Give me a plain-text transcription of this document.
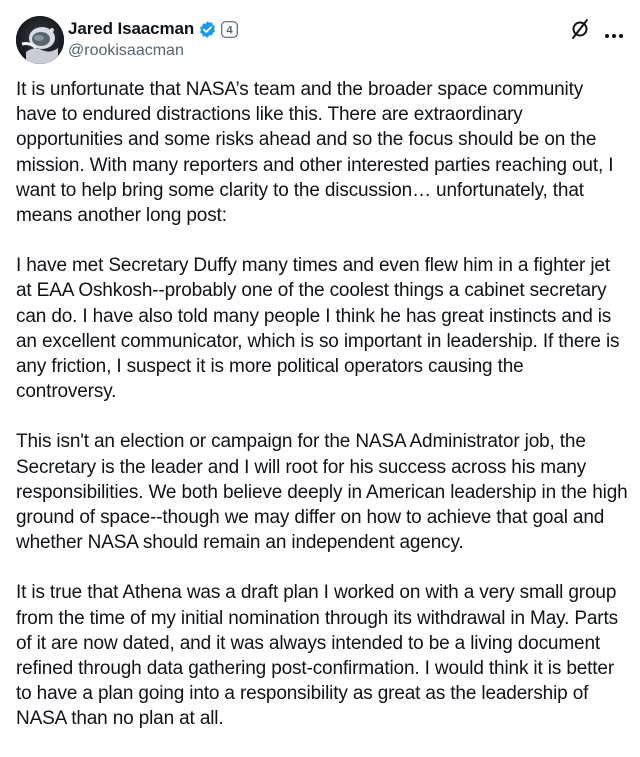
Jared Isaacman	4
@rookisaacman

It is unfortunate that NASA’s team and the broader space community have to endured distractions like this. There are extraordinary opportunities and some risks ahead and so the focus should be on the mission. With many reporters and other interested parties reaching out, I want to help bring some clarity to the discussion… unfortunately, that means another long post:

I have met Secretary Duffy many times and even flew him in a fighter jet at EAA Oshkosh--probably one of the coolest things a cabinet secretary can do. I have also told many people I think he has great instincts and is an excellent communicator, which is so important in leadership. If there is any friction, I suspect it is more political operators causing the controversy.

This isn't an election or campaign for the NASA Administrator job, the Secretary is the leader and I will root for his success across his many responsibilities. We both believe deeply in American leadership in the high ground of space--though we may differ on how to achieve that goal and whether NASA should remain an independent agency.

It is true that Athena was a draft plan I worked on with a very small group from the time of my initial nomination through its withdrawal in May. Parts of it are now dated, and it was always intended to be a living document refined through data gathering post-confirmation. I would think it is better to have a plan going into a responsibility as great as the leadership of NASA than no plan at all.
